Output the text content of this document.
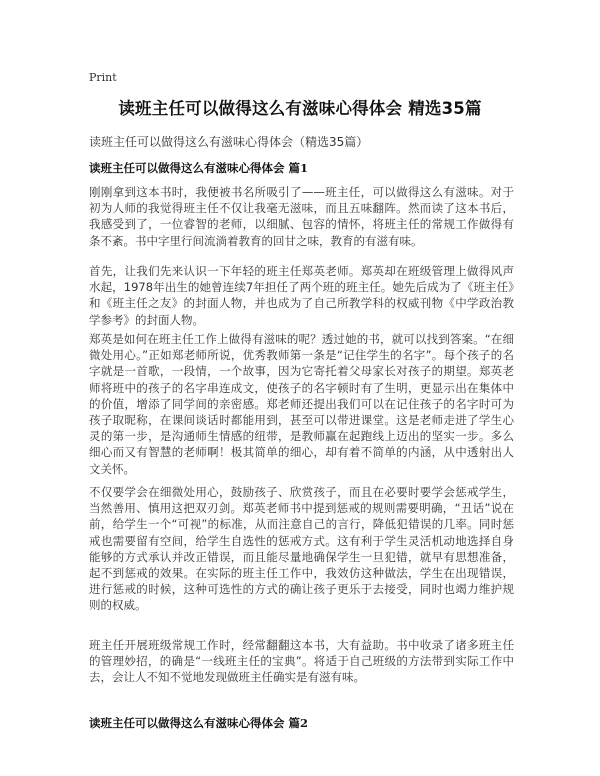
Print
读班主任可以做得这么有滋味心得体会 精选35篇
读班主任可以做得这么有滋味心得体会（精选35篇）
读班主任可以做得这么有滋味心得体会 篇1

刚刚拿到这本书时，我便被书名所吸引了——班主任，可以做得这么有滋味。对于初为人师的我觉得班主任不仅让我毫无滋味，而且五味翻阵。然而读了这本书后，我感受到了，一位睿智的老师，以细腻、包容的情怀，将班主任的常规工作做得有条不紊。书中字里行间流淌着教育的回甘之味，教育的有滋有味。

首先，让我们先来认识一下年轻的班主任郑英老师。郑英却在班级管理上做得风声水起，1978年出生的她曾连续7年担任了两个班的班主任。她先后成为了《班主任》和《班主任之友》的封面人物，并也成为了自己所教学科的权威刊物《中学政治教学参考》的封面人物。

郑英是如何在班主任工作上做得有滋味的呢？透过她的书，就可以找到答案。“在细微处用心。”正如郑老师所说，优秀教师第一条是“记住学生的名字”。每个孩子的名字就是一首歌，一段情，一个故事，因为它寄托着父母家长对孩子的期望。郑英老师将班中的孩子的名字串连成文，使孩子的名字顿时有了生明，更显示出在集体中的价值，增添了同学间的亲密感。郑老师还提出我们可以在记住孩子的名字时可为孩子取昵称，在课间谈话时都能用到，甚至可以带进课堂。这是老师走进了学生心灵的第一步，是沟通师生情感的纽带，是教师赢在起跑线上迈出的坚实一步。多么细心而又有智慧的老师啊！极其简单的细心，却有着不简单的内涵，从中透射出人文关怀。

不仅要学会在细微处用心，鼓励孩子、欣赏孩子，而且在必要时要学会惩戒学生，当然善用、慎用这把双刃剑。郑英老师书中提到惩戒的规则需要明确，“丑话”说在前，给学生一个“可视”的标准，从而注意自己的言行，降低犯错误的几率。同时惩戒也需要留有空间，给学生自选性的惩戒方式。这有利于学生灵活机动地选择自身能够的方式承认并改正错误，而且能尽量地确保学生一旦犯错，就早有思想准备，起不到惩戒的效果。在实际的班主任工作中，我效仿这种做法，学生在出现错误，进行惩戒的时候，这种可选性的方式的确让孩子更乐于去接受，同时也竭力维护规则的权威。

班主任开展班级常规工作时，经常翻翻这本书，大有益助。书中收录了诸多班主任的管理妙招，的确是“一线班主任的宝典”。将适于自己班级的方法带到实际工作中去，会让人不知不觉地发现做班主任确实是有滋有味。

读班主任可以做得这么有滋味心得体会 篇2
